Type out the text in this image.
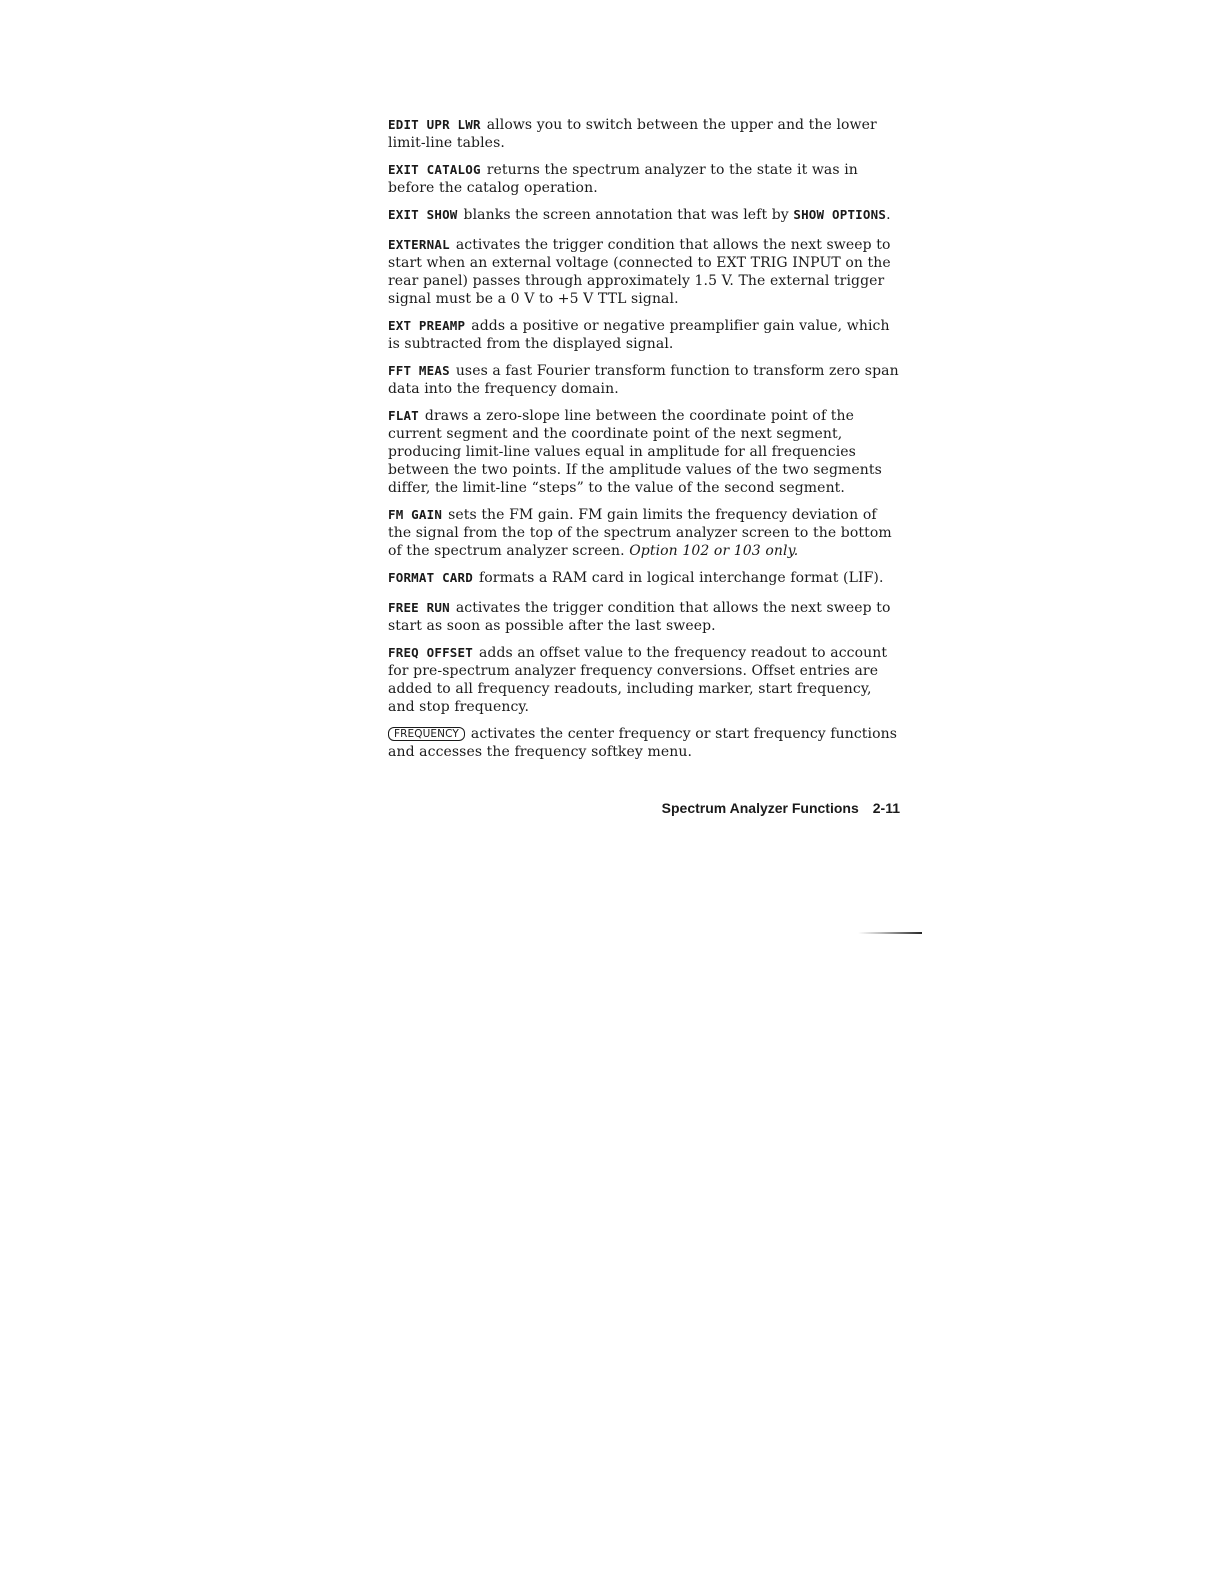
EDIT UPR LWR allows you to switch between the upper and the lower limit-line tables.

EXIT CATALOG returns the spectrum analyzer to the state it was in before the catalog operation.

EXIT SHOW blanks the screen annotation that was left by SHOW OPTIONS.

EXTERNAL activates the trigger condition that allows the next sweep to start when an external voltage (connected to EXT TRIG INPUT on the rear panel) passes through approximately 1.5 V. The external trigger signal must be a 0 V to +5 V TTL signal.

EXT PREAMP adds a positive or negative preamplifier gain value, which is subtracted from the displayed signal.

FFT MEAS uses a fast Fourier transform function to transform zero span data into the frequency domain.

FLAT draws a zero-slope line between the coordinate point of the current segment and the coordinate point of the next segment, producing limit-line values equal in amplitude for all frequencies between the two points. If the amplitude values of the two segments differ, the limit-line “steps” to the value of the second segment.

FM GAIN sets the FM gain. FM gain limits the frequency deviation of the signal from the top of the spectrum analyzer screen to the bottom of the spectrum analyzer screen. Option 102 or 103 only.

FORMAT CARD formats a RAM card in logical interchange format (LIF).

FREE RUN activates the trigger condition that allows the next sweep to start as soon as possible after the last sweep.

FREQ OFFSET adds an offset value to the frequency readout to account for pre-spectrum analyzer frequency conversions. Offset entries are added to all frequency readouts, including marker, start frequency, and stop frequency.

FREQUENCY activates the center frequency or start frequency functions and accesses the frequency softkey menu.

Spectrum Analyzer Functions 2-11
